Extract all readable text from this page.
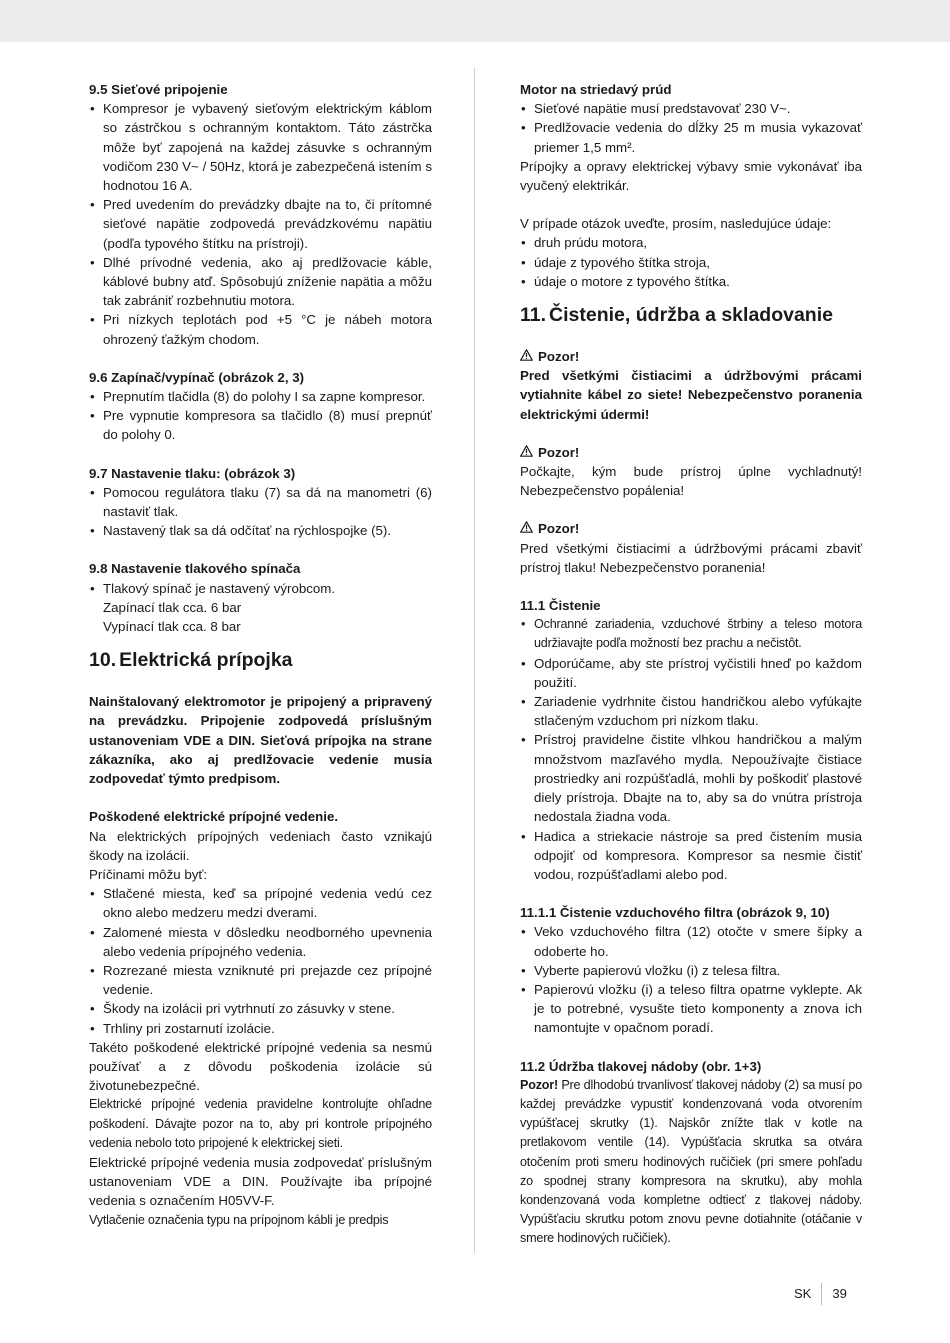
9.5 Sieťové pripojenie
• Kompresor je vybavený sieťovým elektrickým káblom so zástrčkou s ochranným kontaktom. Táto zástrčka môže byť zapojená na každej zásuvke s ochranným vodičom 230 V~ / 50Hz, ktorá je zabezpečená istením s hodnotou 16 A.
• Pred uvedením do prevádzky dbajte na to, či prítomné sieťové napätie zodpovedá prevádzkovému napätiu (podľa typového štítku na prístroji).
• Dlhé prívodné vedenia, ako aj predlžovacie káble, káblové bubny atď. Spôsobujú zníženie napätia a môžu tak zabrániť rozbehnutiu motora.
• Pri nízkych teplotách pod +5 °C je nábeh motora ohrozený ťažkým chodom.
9.6 Zapínač/vypínač (obrázok 2, 3)
• Prepnutím tlačidla (8) do polohy I sa zapne kompresor.
• Pre vypnutie kompresora sa tlačidlo (8) musí prepnúť do polohy 0.
9.7 Nastavenie tlaku: (obrázok 3)
• Pomocou regulátora tlaku (7) sa dá na manometri (6) nastaviť tlak.
• Nastavený tlak sa dá odčítať na rýchlospojke (5).
9.8 Nastavenie tlakového spínača
• Tlakový spínač je nastavený výrobcom.
Zapínací tlak cca. 6 bar
Vypínací tlak cca. 8 bar
10. Elektrická prípojka

Nainštalovaný elektromotor je pripojený a pripravený na prevádzku. Pripojenie zodpovedá príslušným ustanoveniam VDE a DIN. Sieťová prípojka na strane zákazníka, ako aj predlžovacie vedenie musia zodpovedať týmto predpisom.

Poškodené elektrické prípojné vedenie.

Na elektrických prípojných vedeniach často vznikajú škody na izolácii.

Príčinami môžu byť:

• Stlačené miesta, keď sa prípojné vedenia vedú cez okno alebo medzeru medzi dverami.
• Zalomené miesta v dôsledku neodborného upevnenia alebo vedenia prípojného vedenia.
• Rozrezané miesta vzniknuté pri prejazde cez prípojné vedenie.
• Škody na izolácii pri vytrhnutí zo zásuvky v stene.
• Trhliny pri zostarnutí izolácie.

Takéto poškodené elektrické prípojné vedenia sa nesmú používať a z dôvodu poškodenia izolácie sú životunebezpečné.

Elektrické prípojné vedenia pravidelne kontrolujte ohľadne poškodení. Dávajte pozor na to, aby pri kontrole prípojného vedenia nebolo toto pripojené k elektrickej sieti.

Elektrické prípojné vedenia musia zodpovedať príslušným ustanoveniam VDE a DIN. Používajte iba prípojné vedenia s označením H05VV-F.

Vytlačenie označenia typu na prípojnom kábli je predpis

Motor na striedavý prúd
• Sieťové napätie musí predstavovať 230 V~.
• Predlžovacie vedenia do dĺžky 25 m musia vykazovať priemer 1,5 mm².

Prípojky a opravy elektrickej výbavy smie vykonávať iba vyučený elektrikár.

V prípade otázok uveďte, prosím, nasledujúce údaje:

• druh prúdu motora,
• údaje z typového štítka stroja,
• údaje o motore z typového štítka.
11. Čistenie, údržba a skladovanie
Pozor!

Pred všetkými čistiacimi a údržbovými prácami vytiahnite kábel zo siete! Nebezpečenstvo poranenia elektrickými údermi!

Pozor!

Počkajte, kým bude prístroj úplne vychladnutý! Nebezpečenstvo popálenia!

Pozor!

Pred všetkými čistiacimi a údržbovými prácami zbaviť prístroj tlaku! Nebezpečenstvo poranenia!

11.1 Čistenie
• Ochranné zariadenia, vzduchové štrbiny a teleso motora udržiavajte podľa možností bez prachu a nečistôt.
• Odporúčame, aby ste prístroj vyčistili hneď po každom použití.
• Zariadenie vydrhnite čistou handričkou alebo vyfúkajte stlačeným vzduchom pri nízkom tlaku.
• Prístroj pravidelne čistite vlhkou handričkou a malým množstvom mazľavého mydla. Nepoužívajte čistiace prostriedky ani rozpúšťadlá, mohli by poškodiť plastové diely prístroja. Dbajte na to, aby sa do vnútra prístroja nedostala žiadna voda.
• Hadica a striekacie nástroje sa pred čistením musia odpojiť od kompresora. Kompresor sa nesmie čistiť vodou, rozpúšťadlami alebo pod.
11.1.1 Čistenie vzduchového filtra (obrázok 9, 10)
• Veko vzduchového filtra (12) otočte v smere šípky a odoberte ho.
• Vyberte papierovú vložku (i) z telesa filtra.
• Papierovú vložku (i) a teleso filtra opatrne vyklepte. Ak je to potrebné, vysušte tieto komponenty a znova ich namontujte v opačnom poradí.
11.2 Údržba tlakovej nádoby (obr. 1+3)

Pozor! Pre dlhodobú trvanlivosť tlakovej nádoby (2) sa musí po každej prevádzke vypustiť kondenzovaná voda otvorením vypúšťacej skrutky (1). Najskôr znížte tlak v kotle na pretlakovom ventile (14). Vypúšťacia skrutka sa otvára otočením proti smeru hodinových ručičiek (pri smere pohľadu zo spodnej strany kompresora na skrutku), aby mohla kondenzovaná voda kompletne odtiecť z tlakovej nádoby. Vypúšťaciu skrutku potom znovu pevne dotiahnite (otáčanie v smere hodinových ručičiek).

SK	39
